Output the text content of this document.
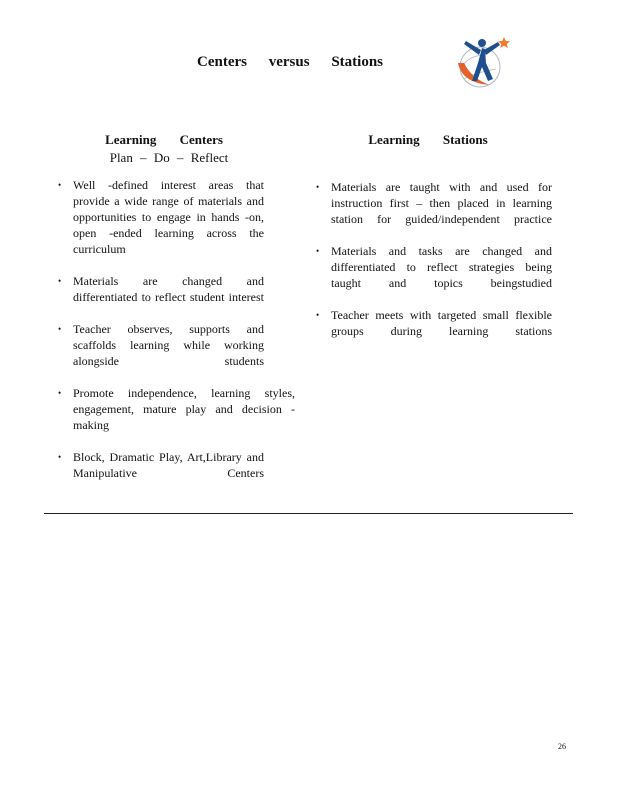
Centers versus Stations
Learning Centers
Plan – Do – Reflect
• Well -defined interest areas that provide a wide range of materials and opportunities to engage in hands -on, open -ended learning across the curriculum
• Materials are changed and differentiated to reflect student interest
• Teacher observes, supports and scaffolds learning while working alongside students
• Promote independence, learning styles, engagement, mature play and decision -making
• Block, Dramatic Play, Art,Library and Manipulative Centers
Learning Stations
• Materials are taught with and used for instruction first – then placed in learning station for guided/independent practice
• Materials and tasks are changed and differentiated to reflect strategies being taught and topics beingstudied
• Teacher meets with targeted small flexible groups during learning stations
26
